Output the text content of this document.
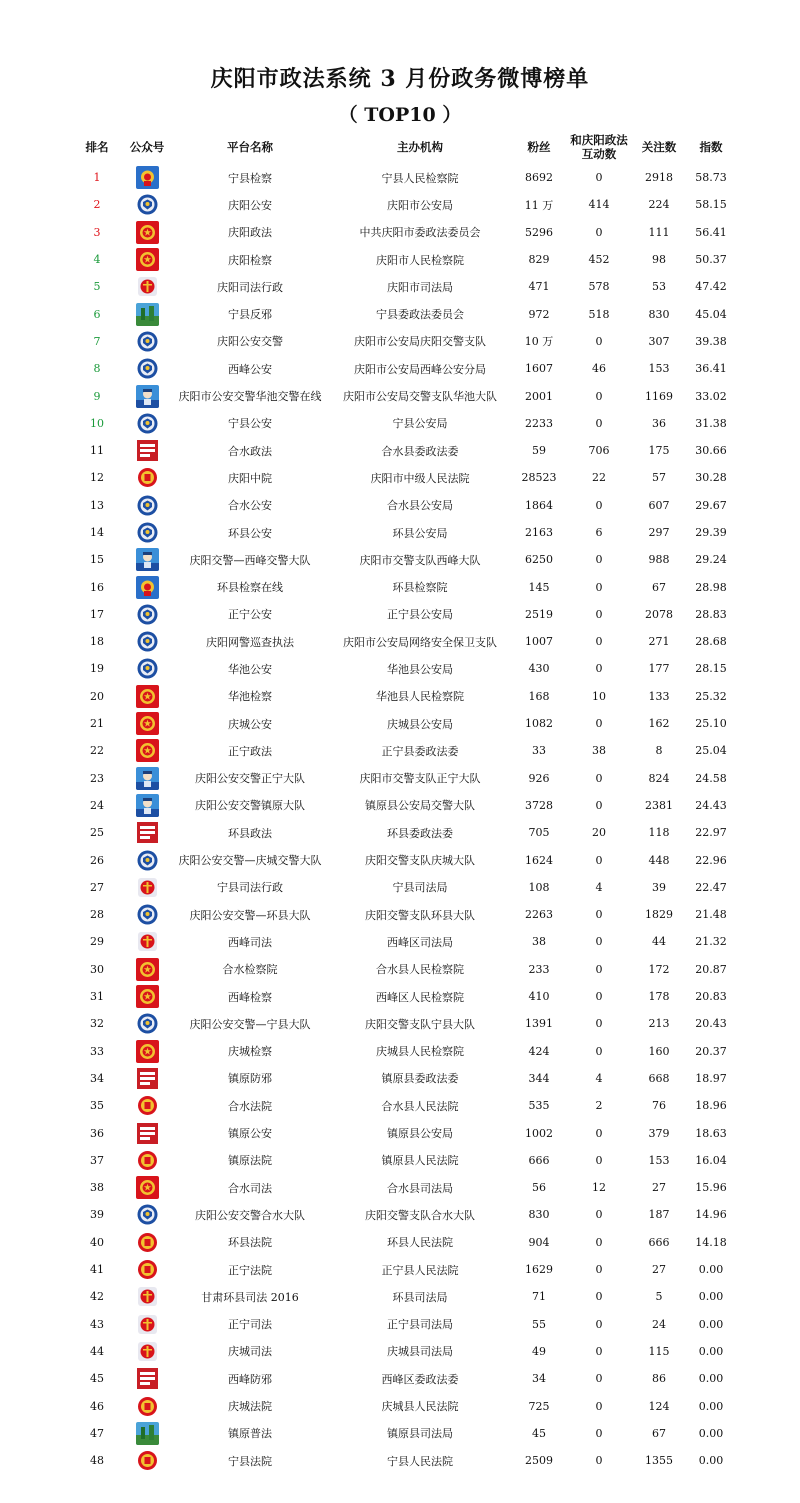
庆阳市政法系统 3 月份政务微博榜单
（ TOP10 ）
排名	公众号	平台名称	主办机构	粉丝	和庆阳政法互动数	关注数	指数
1		宁县检察	宁县人民检察院	8692	0	2918	58.73
2		庆阳公安	庆阳市公安局	11 万	414	224	58.15
3		庆阳政法	中共庆阳市委政法委员会	5296	0	111	56.41
4		庆阳检察	庆阳市人民检察院	829	452	98	50.37
5		庆阳司法行政	庆阳市司法局	471	578	53	47.42
6		宁县反邪	宁县委政法委员会	972	518	830	45.04
7		庆阳公安交警	庆阳市公安局庆阳交警支队	10 万	0	307	39.38
8		西峰公安	庆阳市公安局西峰公安分局	1607	46	153	36.41
9		庆阳市公安交警华池交警在线	庆阳市公安局交警支队华池大队	2001	0	1169	33.02
10		宁县公安	宁县公安局	2233	0	36	31.38
11		合水政法	合水县委政法委	59	706	175	30.66
12		庆阳中院	庆阳市中级人民法院	28523	22	57	30.28
13		合水公安	合水县公安局	1864	0	607	29.67
14		环县公安	环县公安局	2163	6	297	29.39
15		庆阳交警—西峰交警大队	庆阳市交警支队西峰大队	6250	0	988	29.24
16		环县检察在线	环县检察院	145	0	67	28.98
17		正宁公安	正宁县公安局	2519	0	2078	28.83
18		庆阳网警巡查执法	庆阳市公安局网络安全保卫支队	1007	0	271	28.68
19		华池公安	华池县公安局	430	0	177	28.15
20		华池检察	华池县人民检察院	168	10	133	25.32
21		庆城公安	庆城县公安局	1082	0	162	25.10
22		正宁政法	正宁县委政法委	33	38	8	25.04
23		庆阳公安交警正宁大队	庆阳市交警支队正宁大队	926	0	824	24.58
24		庆阳公安交警镇原大队	镇原县公安局交警大队	3728	0	2381	24.43
25		环县政法	环县委政法委	705	20	118	22.97
26		庆阳公安交警—庆城交警大队	庆阳交警支队庆城大队	1624	0	448	22.96
27		宁县司法行政	宁县司法局	108	4	39	22.47
28		庆阳公安交警—环县大队	庆阳交警支队环县大队	2263	0	1829	21.48
29		西峰司法	西峰区司法局	38	0	44	21.32
30		合水检察院	合水县人民检察院	233	0	172	20.87
31		西峰检察	西峰区人民检察院	410	0	178	20.83
32		庆阳公安交警—宁县大队	庆阳交警支队宁县大队	1391	0	213	20.43
33		庆城检察	庆城县人民检察院	424	0	160	20.37
34		镇原防邪	镇原县委政法委	344	4	668	18.97
35		合水法院	合水县人民法院	535	2	76	18.96
36		镇原公安	镇原县公安局	1002	0	379	18.63
37		镇原法院	镇原县人民法院	666	0	153	16.04
38		合水司法	合水县司法局	56	12	27	15.96
39		庆阳公安交警合水大队	庆阳交警支队合水大队	830	0	187	14.96
40		环县法院	环县人民法院	904	0	666	14.18
41		正宁法院	正宁县人民法院	1629	0	27	0.00
42		甘肃环县司法 2016	环县司法局	71	0	5	0.00
43		正宁司法	正宁县司法局	55	0	24	0.00
44		庆城司法	庆城县司法局	49	0	115	0.00
45		西峰防邪	西峰区委政法委	34	0	86	0.00
46		庆城法院	庆城县人民法院	725	0	124	0.00
47		镇原普法	镇原县司法局	45	0	67	0.00
48		宁县法院	宁县人民法院	2509	0	1355	0.00
